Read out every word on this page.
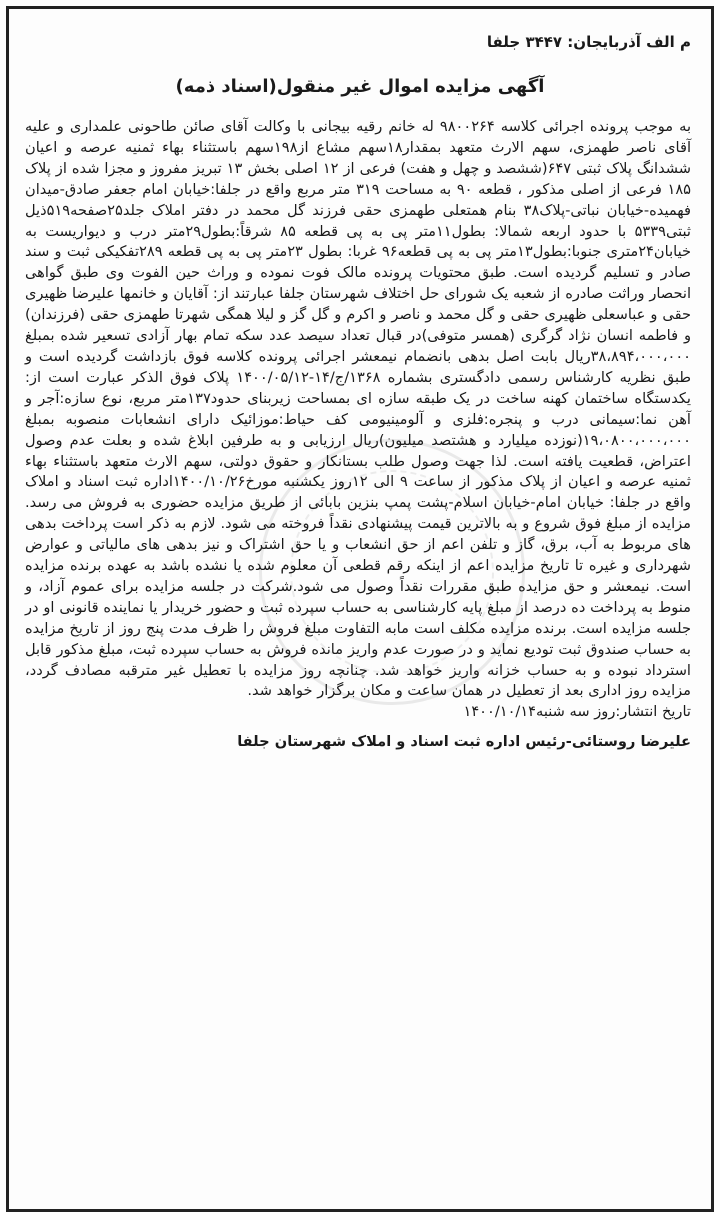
م الف آذربایجان: ۳۴۴۷ جلفا
آگهی مزایده اموال غیر منقول(اسناد ذمه)
به موجب پرونده اجرائی کلاسه ۹۸۰۰۲۶۴ له خانم رقیه بیجانی با وکالت آقای صائن طاحونی علمداری و علیه آقای ناصر طهمزی، سهم الارث متعهد بمقدار۱۸سهم مشاع از۱۹۸سهم باستثناء بهاء ثمنیه عرصه و اعیان ششدانگ پلاک ثبتی ۶۴۷(ششصد و چهل و هفت) فرعی از ۱۲ اصلی بخش ۱۳ تبریز مفروز و مجزا شده از پلاک ۱۸۵ فرعی از اصلی مذکور ، قطعه ۹۰ به مساحت ۳۱۹ متر مربع واقع در جلفا:خیابان امام جعفر صادق-میدان فهمیده-خیابان نباتی-پلاک۳۸ بنام همتعلی طهمزی حقی فرزند گل محمد در دفتر املاک جلد۲۵صفحه۵۱۹ذیل ثبتی۵۳۳۹ با حدود اربعه شمالا: بطول۱۱متر پی به پی قطعه ۸۵ شرقاً:بطول۲۹متر درب و دیواریست به خیابان۲۴متری جنوبا:بطول۱۳متر پی به پی قطعه۹۶ غربا: بطول ۲۳متر پی به پی قطعه ۲۸۹تفکیکی ثبت و سند صادر و تسلیم گردیده است. طبق محتویات پرونده مالک فوت نموده و وراث حین الفوت وی طبق گواهی انحصار وراثت صادره از شعبه یک شورای حل اختلاف شهرستان جلفا عبارتند از: آقایان و خانمها علیرضا ظهیری حقی و عباسعلی ظهیری حقی و گل محمد و ناصر و اکرم و گل گز و لیلا همگی شهرتا طهمزی حقی (فرزندان) و فاطمه انسان نژاد گرگری (همسر متوفی)در قبال تعداد سیصد عدد سکه تمام بهار آزادی تسعیر شده بمبلغ ۳۸،۸۹۴،۰۰۰،۰۰۰ریال بابت اصل بدهی بانضمام نیمعشر اجرائی پرونده کلاسه فوق بازداشت گردیده است و طبق نظریه کارشناس رسمی دادگستری بشماره ۱۳۶۸/ج/۱۴-۱۴۰۰/۰۵/۱۲ پلاک فوق الذکر عبارت است از: یکدستگاه ساختمان کهنه ساخت در یک طبقه سازه ای بمساحت زیربنای حدود۱۳۷متر مربع، نوع سازه:آجر و آهن نما:سیمانی درب و پنجره:فلزی و آلومینیومی کف حیاط:موزائیک دارای انشعابات منصوبه بمبلغ ۱۹،۰۸۰۰،۰۰۰،۰۰۰(نوزده میلیارد و هشتصد میلیون)ریال ارزیابی و به طرفین ابلاغ شده و بعلت عدم وصول اعتراض، قطعیت یافته است. لذا جهت وصول طلب بستانکار و حقوق دولتی، سهم الارث متعهد باستثناء بهاء ثمنیه عرصه و اعیان از پلاک مذکور از ساعت ۹ الی ۱۲روز یکشنبه مورخ۱۴۰۰/۱۰/۲۶اداره ثبت اسناد و املاک واقع در جلفا: خیابان امام-خیابان اسلام-پشت پمپ بنزین بابائی از طریق مزایده حضوری به فروش می رسد. مزایده از مبلغ فوق شروع و به بالاترین قیمت پیشنهادی نقداً فروخته می شود. لازم به ذکر است پرداخت بدهی های مربوط به آب، برق، گاز و تلفن اعم از حق انشعاب و یا حق اشتراک و نیز بدهی های مالیاتی و عوارض شهرداری و غیره تا تاریخ مزایده اعم از اینکه رقم قطعی آن معلوم شده یا نشده باشد به عهده برنده مزایده است. نیمعشر و حق مزایده طبق مقررات نقداً وصول می شود.شرکت در جلسه مزایده برای عموم آزاد، و منوط به پرداخت ده درصد از مبلغ پایه کارشناسی به حساب سپرده ثبت و حضور خریدار یا نماینده قانونی او در جلسه مزایده است. برنده مزایده مکلف است مابه التفاوت مبلغ فروش را ظرف مدت پنج روز از تاریخ مزایده به حساب صندوق ثبت تودیع نماید و در صورت عدم واریز مانده فروش به حساب سپرده ثبت، مبلغ مذکور قابل استرداد نبوده و به حساب خزانه واریز خواهد شد. چنانچه روز مزایده با تعطیل غیر مترقبه مصادف گردد، مزایده روز اداری بعد از تعطیل در همان ساعت و مکان برگزار خواهد شد.
تاریخ انتشار:روز سه شنبه۱۴۰۰/۱۰/۱۴
علیرضا روستائی-رئیس اداره ثبت اسناد و املاک شهرستان جلفا
